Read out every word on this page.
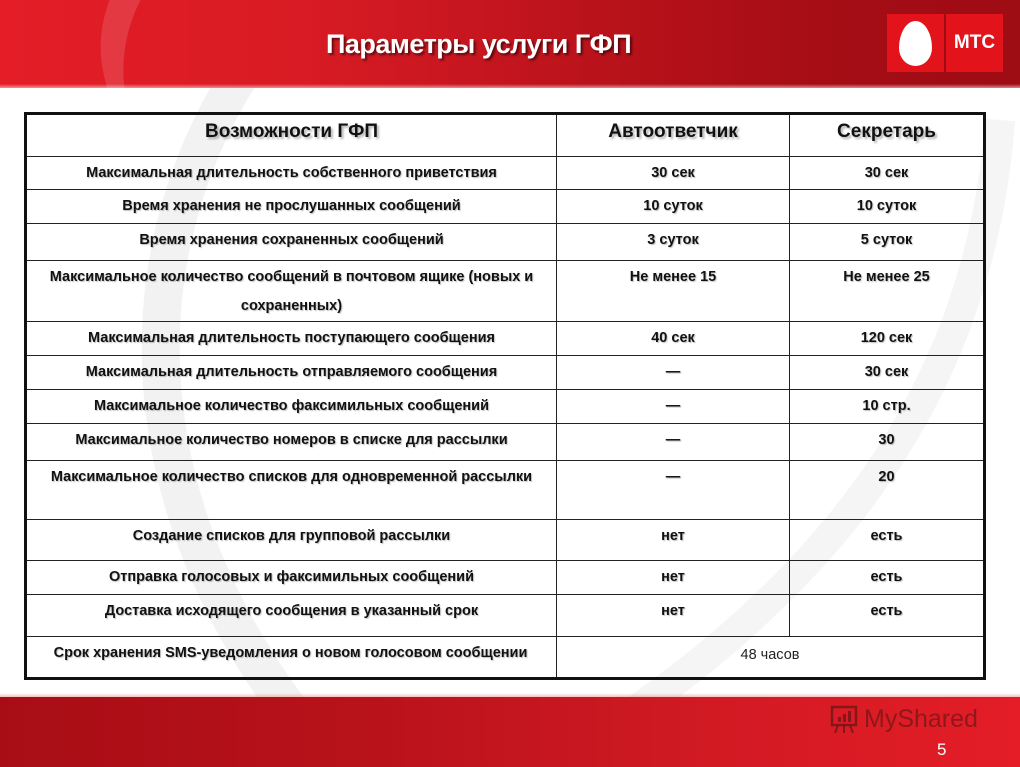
Параметры услуги ГФП	МТС
Возможности ГФП	Автоответчик	Секретарь
Максимальная длительность собственного приветствия	30 сек	30 сек
Время хранения не прослушанных сообщений	10 суток	10 суток
Время хранения сохраненных сообщений	3 суток	5 суток
Максимальное количество сообщений в почтовом ящике (новых и сохраненных)	Не менее 15	Не менее 25
Максимальная длительность поступающего сообщения	40 сек	120 сек
Максимальная длительность отправляемого сообщения	—	30 сек
Максимальное количество факсимильных сообщений	—	10 стр.
Максимальное количество номеров в списке для рассылки	—	30
Максимальное количество списков для одновременной рассылки	—	20
Создание списков для групповой рассылки	нет	есть
Отправка голосовых и факсимильных сообщений	нет	есть
Доставка исходящего сообщения в указанный срок	нет	есть
Срок хранения SMS-уведомления о новом голосовом сообщении	48 часов	
MyShared
5
